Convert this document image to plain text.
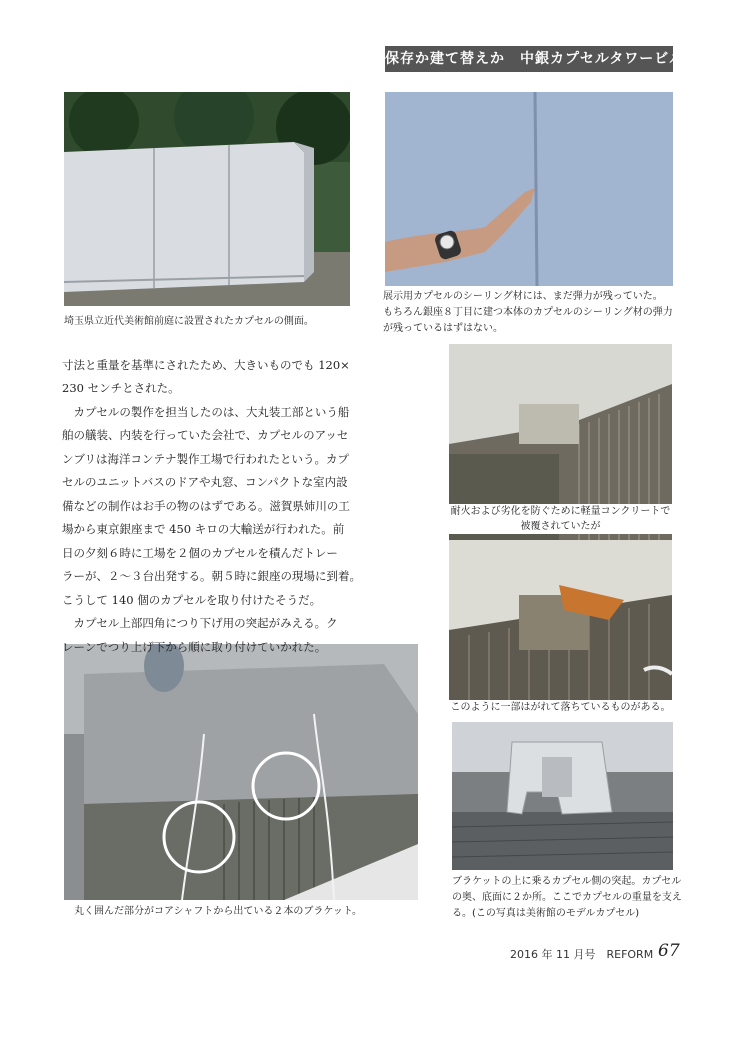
保存か建て替えか　中銀カプセルタワービル
埼玉県立近代美術館前庭に設置されたカプセルの側面。
展示用カプセルのシーリング材には、まだ弾力が残っていた。
もちろん銀座８丁目に建つ本体のカプセルのシーリング材の弾力
が残っているはずはない。
耐火および劣化を防ぐために軽量コンクリートで
被覆されていたが
このように一部はがれて落ちているものがある。
ブラケットの上に乗るカプセル側の突起。カプセル
の奥、底面に２か所。ここでカプセルの重量を支え
る。(この写真は美術館のモデルカプセル)
丸く囲んだ部分がコアシャフトから出ている２本のブラケット。
寸法と重量を基準にされたため、大きいものでも 120×
230 センチとされた。
　カプセルの製作を担当したのは、大丸装工部という船
舶の艤装、内装を行っていた会社で、カプセルのアッセ
ンブリは海洋コンテナ製作工場で行われたという。カプ
セルのユニットバスのドアや丸窓、コンパクトな室内設
備などの制作はお手の物のはずである。滋賀県姉川の工
場から東京銀座まで 450 キロの大輸送が行われた。前
日の夕刻６時に工場を２個のカプセルを積んだトレー
ラーが、２～３台出発する。朝５時に銀座の現場に到着。
こうして 140 個のカプセルを取り付けたそうだ。
　カプセル上部四角につり下げ用の突起がみえる。ク
レーンでつり上げ下から順に取り付けていかれた。
2016 年 11 月号　REFORM 67
